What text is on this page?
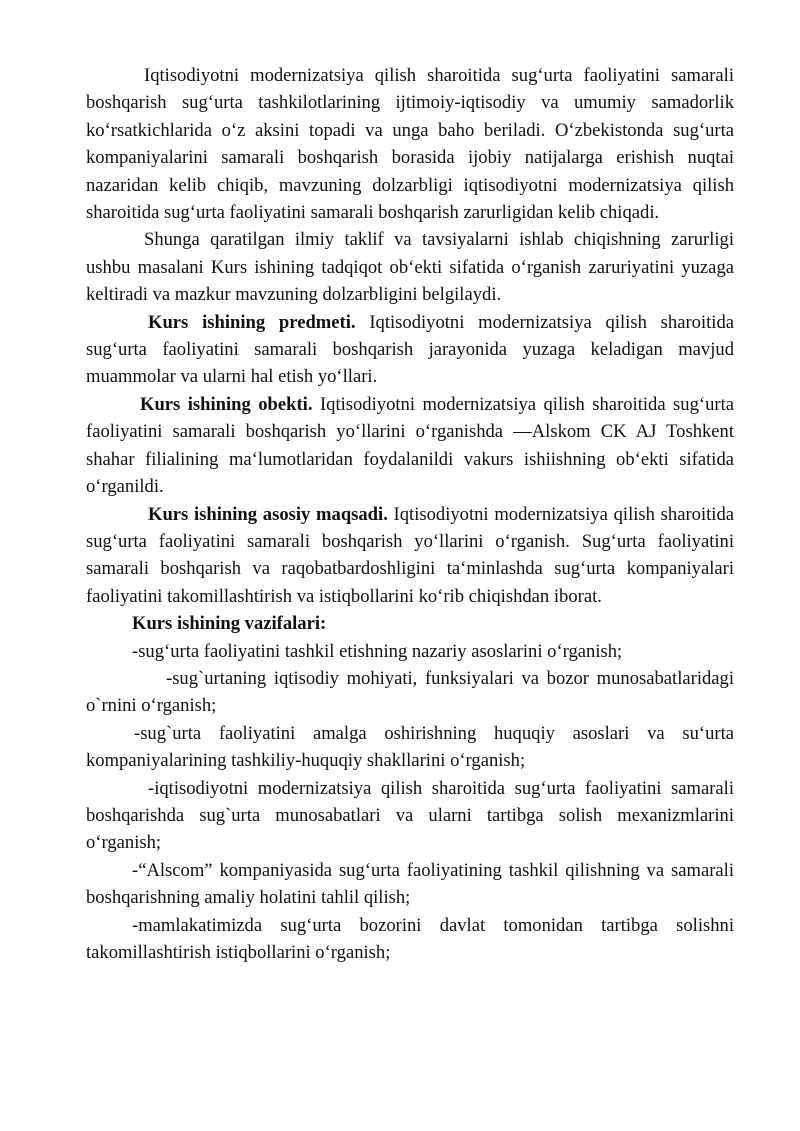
Iqtisodiyotni modernizatsiya qilish sharoitida sug‘urta faoliyatini samarali boshqarish sug‘urta tashkilotlarining ijtimoiy-iqtisodiy va umumiy samadorlik ko‘rsatkichlarida o‘z aksini topadi va unga baho beriladi. O‘zbekistonda sug‘urta kompaniyalarini samarali boshqarish borasida ijobiy natijalarga erishish nuqtai nazaridan kelib chiqib, mavzuning dolzarbligi iqtisodiyotni modernizatsiya qilish sharoitida sug‘urta faoliyatini samarali boshqarish zarurligidan kelib chiqadi.

Shunga qaratilgan ilmiy taklif va tavsiyalarni ishlab chiqishning zarurligi ushbu masalani Kurs ishining tadqiqot ob‘ekti sifatida o‘rganish zaruriyatini yuzaga keltiradi va mazkur mavzuning dolzarbligini belgilaydi.

Kurs ishining predmeti. Iqtisodiyotni modernizatsiya qilish sharoitida sug‘urta faoliyatini samarali boshqarish jarayonida yuzaga keladigan mavjud muammolar va ularni hal etish yo‘llari.

Kurs ishining obekti. Iqtisodiyotni modernizatsiya qilish sharoitida sug‘urta faoliyatini samarali boshqarish yo‘llarini o‘rganishda ―Alskom CK AJ Toshkent shahar filialining ma‘lumotlaridan foydalanildi vakurs ishiishning ob‘ekti sifatida o‘rganildi.

Kurs ishining asosiy maqsadi. Iqtisodiyotni modernizatsiya qilish sharoitida sug‘urta faoliyatini samarali boshqarish yo‘llarini o‘rganish. Sug‘urta faoliyatini samarali boshqarish va raqobatbardoshligini ta‘minlashda sug‘urta kompaniyalari faoliyatini takomillashtirish va istiqbollarini ko‘rib chiqishdan iborat.

Kurs ishining vazifalari:

-sug‘urta faoliyatini tashkil etishning nazariy asoslarini o‘rganish;

-sug`urtaning iqtisodiy mohiyati, funksiyalari va bozor munosabatlaridagi o`rnini o‘rganish;

-sug`urta faoliyatini amalga oshirishning huquqiy asoslari va su‘urta kompaniyalarining tashkiliy-huquqiy shakllarini o‘rganish;

-iqtisodiyotni modernizatsiya qilish sharoitida sug‘urta faoliyatini samarali boshqarishda sug`urta munosabatlari va ularni tartibga solish mexanizmlarini o‘rganish;

-“Alscom” kompaniyasida sug‘urta faoliyatining tashkil qilishning va samarali boshqarishning amaliy holatini tahlil qilish;

-mamlakatimizda sug‘urta bozorini davlat tomonidan tartibga solishni takomillashtirish istiqbollarini o‘rganish;
